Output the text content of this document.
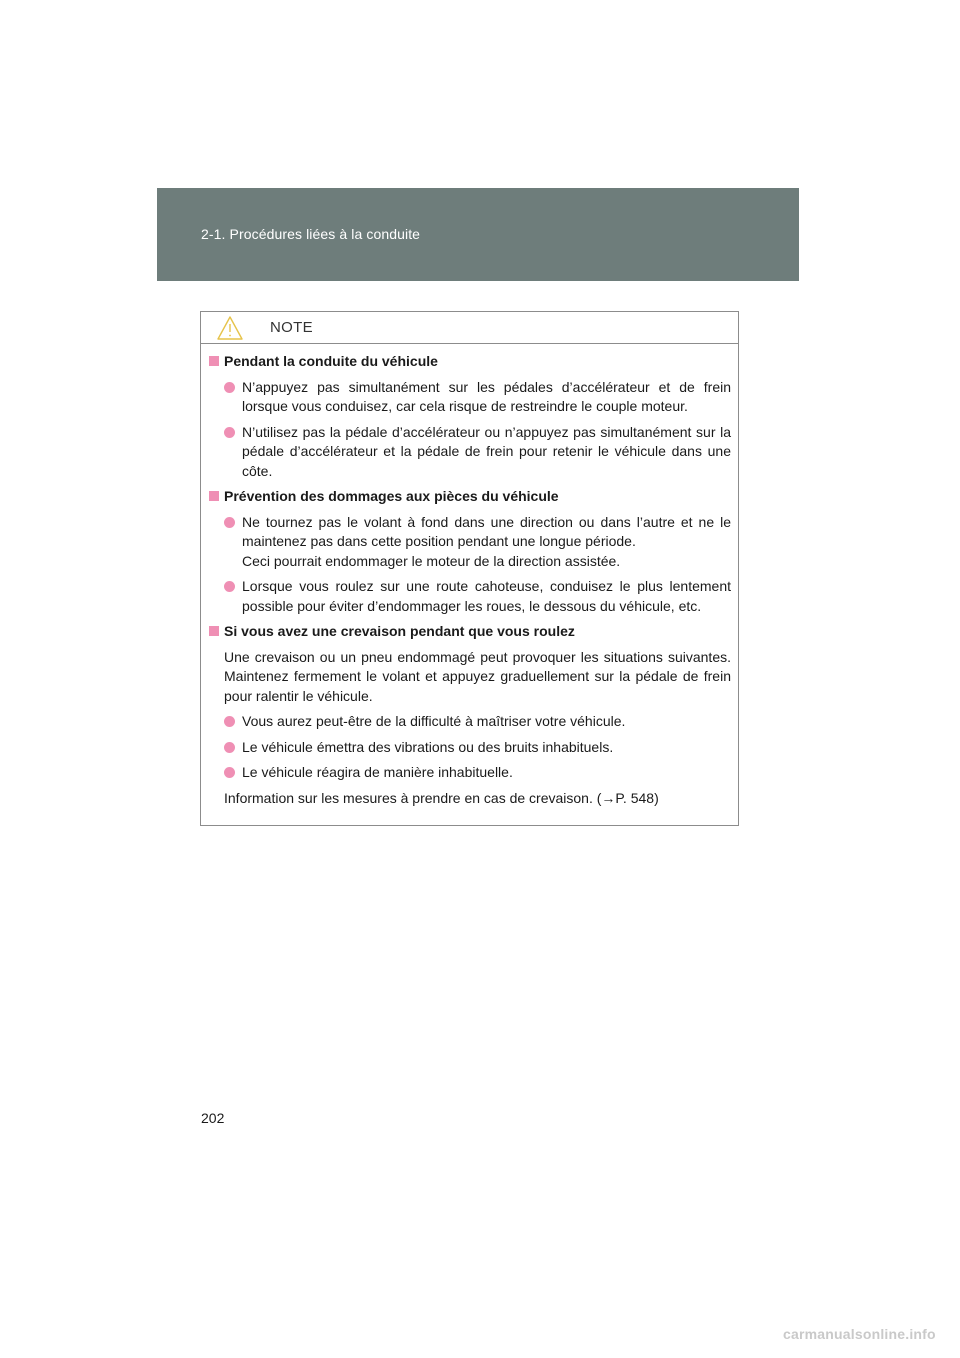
2-1. Procédures liées à la conduite
NOTE
Pendant la conduite du véhicule
N’appuyez pas simultanément sur les pédales d’accélérateur et de frein lorsque vous conduisez, car cela risque de restreindre le couple moteur.
N’utilisez pas la pédale d’accélérateur ou n’appuyez pas simultanément sur la pédale d’accélérateur et la pédale de frein pour retenir le véhicule dans une côte.
Prévention des dommages aux pièces du véhicule
Ne tournez pas le volant à fond dans une direction ou dans l’autre et ne le maintenez pas dans cette position pendant une longue période.
Ceci pourrait endommager le moteur de la direction assistée.
Lorsque vous roulez sur une route cahoteuse, conduisez le plus lentement possible pour éviter d’endommager les roues, le dessous du véhicule, etc.
Si vous avez une crevaison pendant que vous roulez
Une crevaison ou un pneu endommagé peut provoquer les situations suivantes. Maintenez fermement le volant et appuyez graduellement sur la pédale de frein pour ralentir le véhicule.
Vous aurez peut-être de la difficulté à maîtriser votre véhicule.
Le véhicule émettra des vibrations ou des bruits inhabituels.
Le véhicule réagira de manière inhabituelle.
Information sur les mesures à prendre en cas de crevaison. (→P. 548)
202
carmanualsonline.info
